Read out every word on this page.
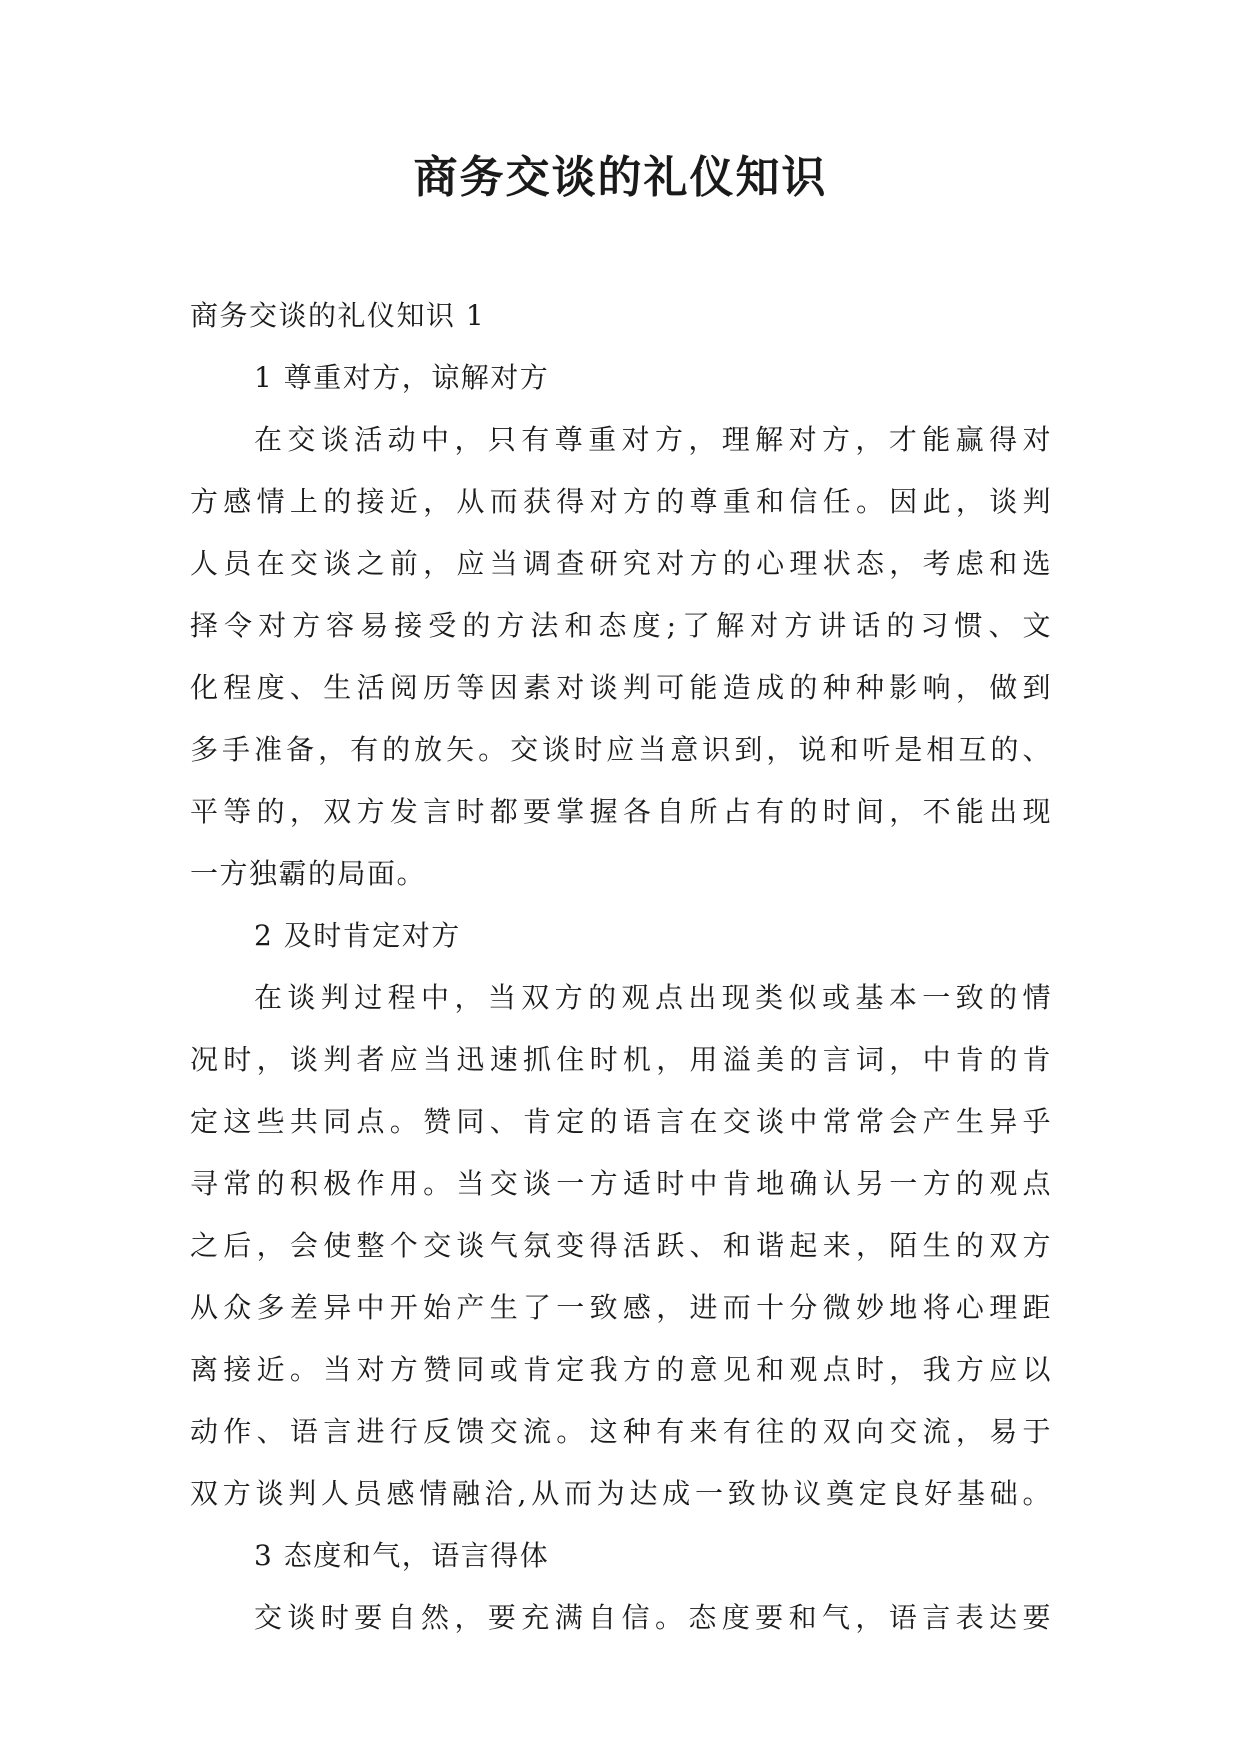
商务交谈的礼仪知识
商务交谈的礼仪知识 1
1 尊重对方，谅解对方
在交谈活动中，只有尊重对方，理解对方，才能赢得对
方感情上的接近，从而获得对方的尊重和信任。因此，谈判
人员在交谈之前，应当调查研究对方的心理状态，考虑和选
择令对方容易接受的方法和态度;了解对方讲话的习惯、文
化程度、生活阅历等因素对谈判可能造成的种种影响，做到
多手准备，有的放矢。交谈时应当意识到，说和听是相互的、
平等的，双方发言时都要掌握各自所占有的时间，不能出现
一方独霸的局面。
2 及时肯定对方
在谈判过程中，当双方的观点出现类似或基本一致的情
况时，谈判者应当迅速抓住时机，用溢美的言词，中肯的肯
定这些共同点。赞同、肯定的语言在交谈中常常会产生异乎
寻常的积极作用。当交谈一方适时中肯地确认另一方的观点
之后，会使整个交谈气氛变得活跃、和谐起来，陌生的双方
从众多差异中开始产生了一致感，进而十分微妙地将心理距
离接近。当对方赞同或肯定我方的意见和观点时，我方应以
动作、语言进行反馈交流。这种有来有往的双向交流，易于
双方谈判人员感情融洽,从而为达成一致协议奠定良好基础。
3 态度和气，语言得体
交谈时要自然，要充满自信。态度要和气，语言表达要
